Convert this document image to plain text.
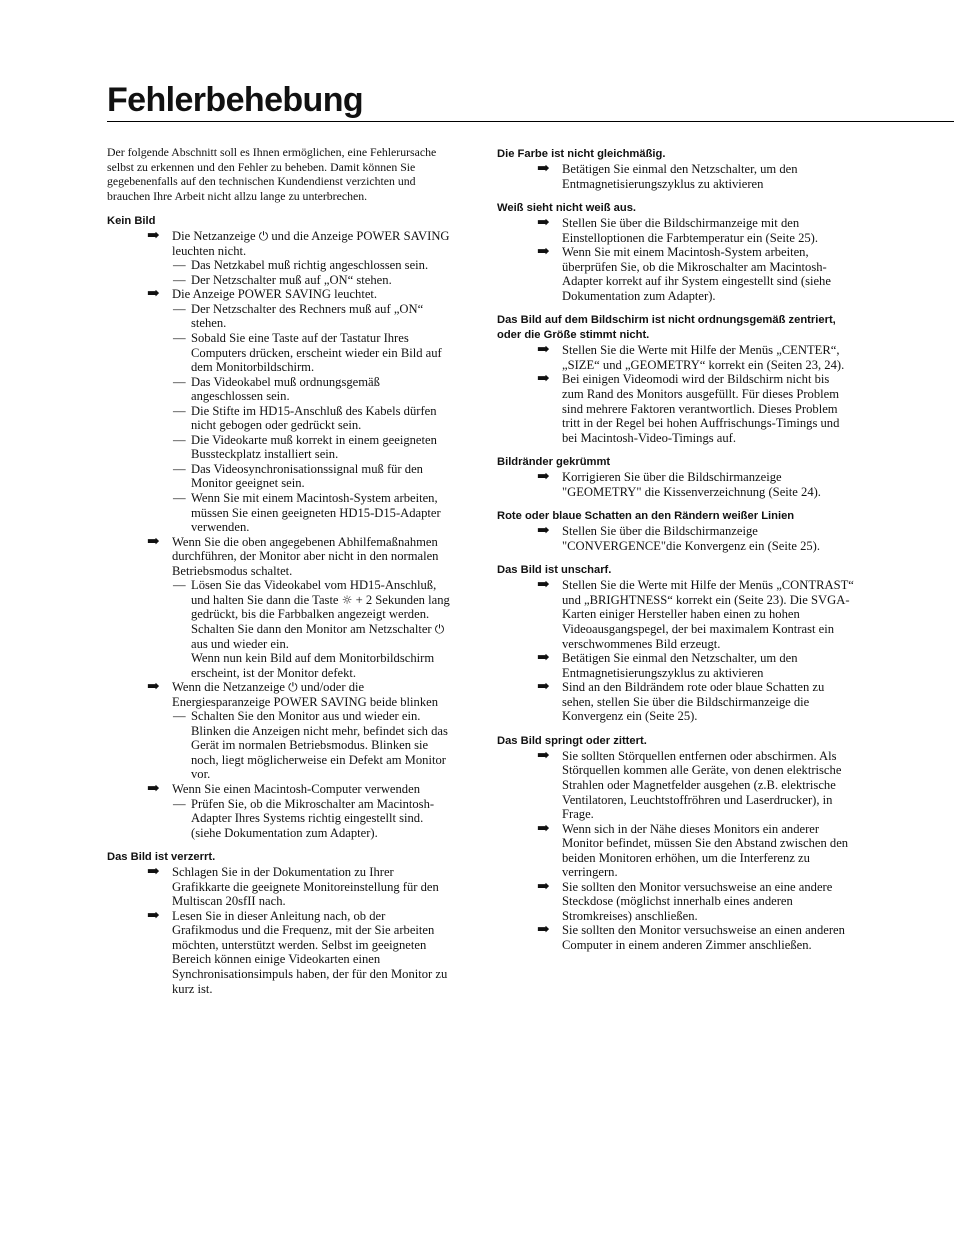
Fehlerbehebung

Der folgende Abschnitt soll es Ihnen ermöglichen, eine Fehlerursache selbst zu erkennen und den Fehler zu beheben. Damit können Sie gegebenenfalls auf den technischen Kundendienst verzichten und brauchen Ihre Arbeit nicht allzu lange zu unterbrechen.

Kein Bild
➡ Die Netzanzeige ⏻ und die Anzeige POWER SAVING leuchten nicht.
— Das Netzkabel muß richtig angeschlossen sein.
— Der Netzschalter muß auf „ON“ stehen.
➡ Die Anzeige POWER SAVING leuchtet.
— Der Netzschalter des Rechners muß auf „ON“ stehen.
— Sobald Sie eine Taste auf der Tastatur Ihres Computers drücken, erscheint wieder ein Bild auf dem Monitorbildschirm.
— Das Videokabel muß ordnungsgemäß angeschlossen sein.
— Die Stifte im HD15-Anschluß des Kabels dürfen nicht gebogen oder gedrückt sein.
— Die Videokarte muß korrekt in einem geeigneten Bussteckplatz installiert sein.
— Das Videosynchronisationssignal muß für den Monitor geeignet sein.
— Wenn Sie mit einem Macintosh-System arbeiten, müssen Sie einen geeigneten HD15-D15-Adapter verwenden.
➡ Wenn Sie die oben angegebenen Abhilfemaßnahmen durchführen, der Monitor aber nicht in den normalen Betriebsmodus schaltet.
— Lösen Sie das Videokabel vom HD15-Anschluß, und halten Sie dann die Taste ☼ + 2 Sekunden lang gedrückt, bis die Farbbalken angezeigt werden. Schalten Sie dann den Monitor am Netzschalter ⏻ aus und wieder ein.
Wenn nun kein Bild auf dem Monitorbildschirm erscheint, ist der Monitor defekt.
➡ Wenn die Netzanzeige ⏻ und/oder die Energiesparanzeige POWER SAVING beide blinken
— Schalten Sie den Monitor aus und wieder ein. Blinken die Anzeigen nicht mehr, befindet sich das Gerät im normalen Betriebsmodus. Blinken sie noch, liegt möglicherweise ein Defekt am Monitor vor.
➡ Wenn Sie einen Macintosh-Computer verwenden
— Prüfen Sie, ob die Mikroschalter am Macintosh-Adapter Ihres Systems richtig eingestellt sind. (siehe Dokumentation zum Adapter).
Das Bild ist verzerrt.
➡ Schlagen Sie in der Dokumentation zu Ihrer Grafikkarte die geeignete Monitoreinstellung für den Multiscan 20sfII nach.
➡ Lesen Sie in dieser Anleitung nach, ob der Grafikmodus und die Frequenz, mit der Sie arbeiten möchten, unterstützt werden. Selbst im geeigneten Bereich können einige Videokarten einen Synchronisationsimpuls haben, der für den Monitor zu kurz ist.
Die Farbe ist nicht gleichmäßig.
➡ Betätigen Sie einmal den Netzschalter, um den Entmagnetisierungszyklus zu aktivieren
Weiß sieht nicht weiß aus.
➡ Stellen Sie über die Bildschirmanzeige mit den Einstelloptionen die Farbtemperatur ein (Seite 25).
➡ Wenn Sie mit einem Macintosh-System arbeiten, überprüfen Sie, ob die Mikroschalter am Macintosh-Adapter korrekt auf ihr System eingestellt sind (siehe Dokumentation zum Adapter).
Das Bild auf dem Bildschirm ist nicht ordnungsgemäß zentriert, oder die Größe stimmt nicht.
➡ Stellen Sie die Werte mit Hilfe der Menüs „CENTER“, „SIZE“ und „GEOMETRY“ korrekt ein (Seiten 23, 24).
➡ Bei einigen Videomodi wird der Bildschirm nicht bis zum Rand des Monitors ausgefüllt. Für dieses Problem sind mehrere Faktoren verantwortlich. Dieses Problem tritt in der Regel bei hohen Auffrischungs-Timings und bei Macintosh-Video-Timings auf.
Bildränder gekrümmt
➡ Korrigieren Sie über die Bildschirmanzeige "GEOMETRY" die Kissenverzeichnung (Seite 24).
Rote oder blaue Schatten an den Rändern weißer Linien
➡ Stellen Sie über die Bildschirmanzeige "CONVERGENCE"die Konvergenz ein (Seite 25).
Das Bild ist unscharf.
➡ Stellen Sie die Werte mit Hilfe der Menüs „CONTRAST“ und „BRIGHTNESS“ korrekt ein (Seite 23). Die SVGA-Karten einiger Hersteller haben einen zu hohen Videoausgangspegel, der bei maximalem Kontrast ein verschwommenes Bild erzeugt.
➡ Betätigen Sie einmal den Netzschalter, um den Entmagnetisierungszyklus zu aktivieren
➡ Sind an den Bildrändem rote oder blaue Schatten zu sehen, stellen Sie über die Bildschirmanzeige die Konvergenz ein (Seite 25).
Das Bild springt oder zittert.
➡ Sie sollten Störquellen entfernen oder abschirmen. Als Störquellen kommen alle Geräte, von denen elektrische Strahlen oder Magnetfelder ausgehen (z.B. elektrische Ventilatoren, Leuchtstoffröhren und Laserdrucker), in Frage.
➡ Wenn sich in der Nähe dieses Monitors ein anderer Monitor befindet, müssen Sie den Abstand zwischen den beiden Monitoren erhöhen, um die Interferenz zu verringern.
➡ Sie sollten den Monitor versuchsweise an eine andere Steckdose (möglichst innerhalb eines anderen Stromkreises) anschließen.
➡ Sie sollten den Monitor versuchsweise an einen anderen Computer in einem anderen Zimmer anschließen.
